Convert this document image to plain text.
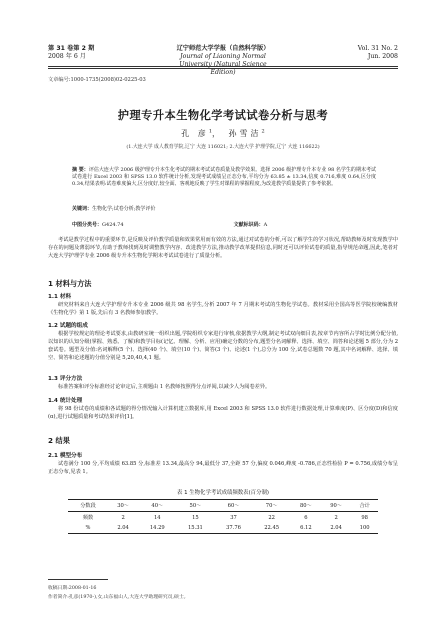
第 31 卷第 2 期
2008 年 6 月
辽宁师范大学学报（自然科学版）
Journal of Liaoning Normal University (Natural Science Edition)
Vol. 31 No. 2
Jun. 2008
文章编号:1000-1735(2008)02-0225-03
护理专升本生物化学考试试卷分析与思考
孔 彦$^1$， 孙雪洁$^2$
(1.大连大学 成人教育学院,辽宁 大连 116021; 2.大连大学 护理学院,辽宁 大连 116622)
摘 要：评估大连大学 2006 级护理专升本生化考试的期末考试试卷质量及教学效果。选择 2006 级护理专升本专业 98 名学生的期末考试试卷进行 Excel 2003 和 SPSS 13.0 软件统计分析,发现考试成绩呈正态分布,平均分为 63.85 ± 13.34,信度 0.716,难度 0.64,区分度 0.34,结果表明:试卷难度偏大,区分度好,较全面、客观地反映了学生对课程的掌握程度,为改进教学质量提供了参考依据。
关键词：生物化学;试卷分析;教学评价
中图分类号：G424.74	文献标识码：A

考试是教学过程中的重要环节,是反映及评价教学质量和效果常用而有效的方法,通过对试卷的分析,可以了解学生的学习状况,帮助教师及时发现教学中存在的问题及薄弱环节,有助于教师找到及时调整教学内容、改进教学方法,推动教学改革提供信息,同时还可以评价试卷的质量,指导规范命题,因此,笔者对大连大学护理学专业 2006 级专升本生物化学期末考试试卷进行了质量分析。

1 材料与方法
1.1 材料

研究材料来自大连大学护理专升本专业 2006 级共 98 名学生,分析 2007 年 7 月期末考试的生物化学试卷。教材采用全国高等医学院校统编教材《生物化学》第 1 版,先后有 3 名教师参加教学。

1.2 试题的组成

根据学校规定的理论考试要求,由教研室统一组织出题,学院组织专家进行审核,依据教学大纲,制定考试双向细目表,按章节内容所占学时比例分配分值,以知识的认知分级(掌握、熟悉、了解)和教学目标(记忆、理解、分析、应用)确定分数的分布,题型分名词解释、选择、填空、简答和论述题 5 部分,分为 2 套试卷。题型及分值:名词解释(5 个)、选择(40 个)、填空(10 个)、简答(3 个)、论述(1 个),总分为 100 分,试卷总题数 70 题,其中名词解释、选择、填空、简答和论述题的分值分别是 5,20,40,4,1 题。

1.3 评分方法

标准答案和评分标准经讨论审定后,主观题由 1 名教师按照得分点评阅,以减少人为阅卷差异。

1.4 统计处理

将 98 份试卷的成绩和各试题的得分情况输入计算机建立数据库,用 Excel 2003 和 SPSS 13.0 软件进行数据处理,计算难度(P)、区分度(D)和信度(α),进行试题质量和考试结果评价[1]。

2 结果
2.1 模型分布

试卷满分 100 分,平均成绩 63.85 分,标准差 13.34,最高分 94,最低分 37,全距 57 分,偏度 0.046,峰度 -0.786,正态性检验 P = 0.756,成绩分布呈正态分布,见表 1。

表 1 生物化学考试成绩频数表(百分制)
分数段	30～	40～	50～	60～	70～	80～	90～	合计
频数	2	14	15	37	22	6	2	98
%	2.04	14.29	15.31	37.76	22.45	6.12	2.04	100
收稿日期:2008-01-16
作者简介:孔彦(1970-),女,山东福山人,大连大学助理研究员,硕士。
